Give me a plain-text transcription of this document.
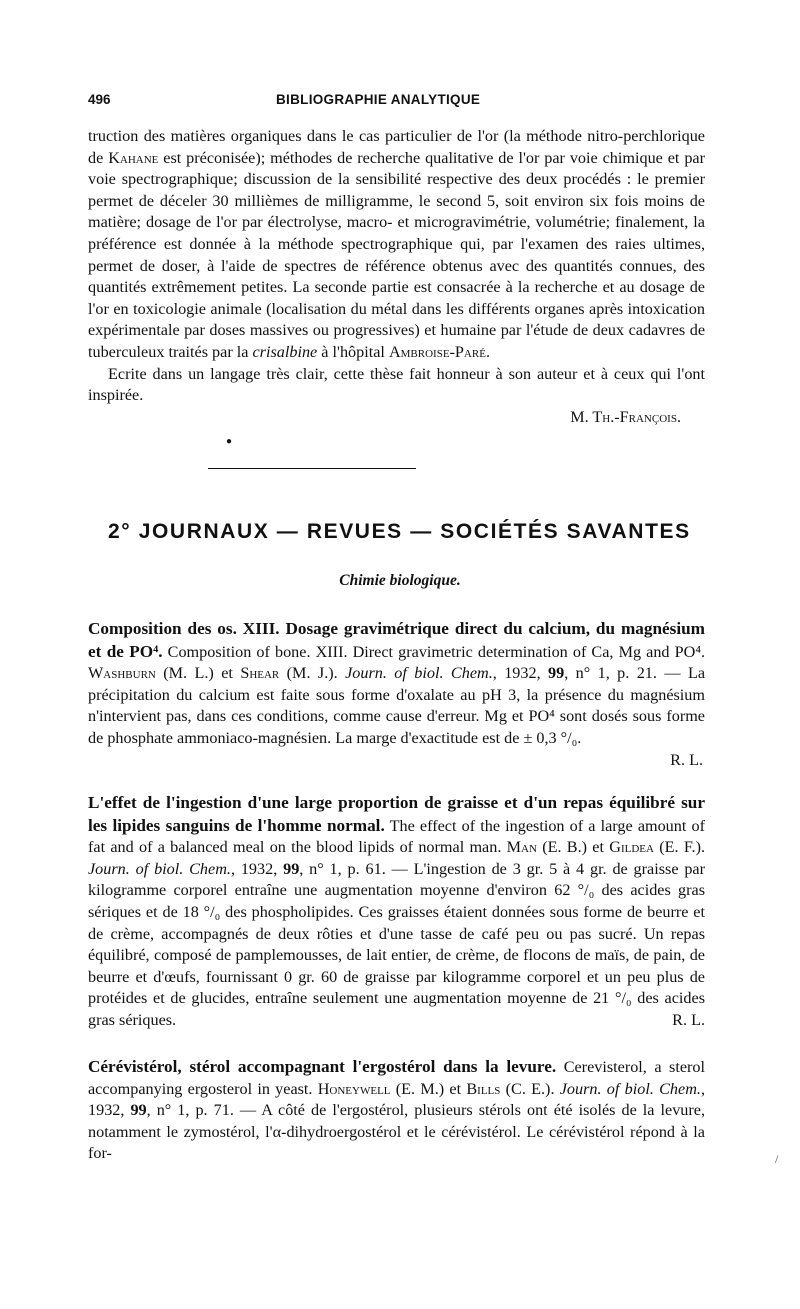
496	BIBLIOGRAPHIE ANALYTIQUE

truction des matières organiques dans le cas particulier de l'or (la méthode nitro-perchlorique de Kahane est préconisée); méthodes de recherche qualitative de l'or par voie chimique et par voie spectrographique; discussion de la sensibilité respective des deux procédés : le premier permet de déceler 30 millièmes de milligramme, le second 5, soit environ six fois moins de matière; dosage de l'or par électrolyse, macro- et microgravimétrie, volumétrie; finalement, la préférence est donnée à la méthode spectrographique qui, par l'examen des raies ultimes, permet de doser, à l'aide de spectres de référence obtenus avec des quantités connues, des quantités extrêmement petites. La seconde partie est consacrée à la recherche et au dosage de l'or en toxicologie animale (localisation du métal dans les différents organes après intoxication expérimentale par doses massives ou progressives) et humaine par l'étude de deux cadavres de tuberculeux traités par la crisalbine à l'hôpital Ambroise-Paré.

Ecrite dans un langage très clair, cette thèse fait honneur à son auteur et à ceux qui l'ont inspirée.

M. Th.-François.
●
2° JOURNAUX — REVUES — SOCIÉTÉS SAVANTES
Chimie biologique.

Composition des os. XIII. Dosage gravimétrique direct du calcium, du magnésium et de PO⁴. Composition of bone. XIII. Direct gravimetric determination of Ca, Mg and PO⁴. Washburn (M. L.) et Shear (M. J.). Journ. of biol. Chem., 1932, 99, n° 1, p. 21. — La précipitation du calcium est faite sous forme d'oxalate au pH 3, la présence du magnésium n'intervient pas, dans ces conditions, comme cause d'erreur. Mg et PO⁴ sont dosés sous forme de phosphate ammoniaco-magnésien. La marge d'exactitude est de ± 0,3 °/₀.

R. L.

L'effet de l'ingestion d'une large proportion de graisse et d'un repas équilibré sur les lipides sanguins de l'homme normal. The effect of the ingestion of a large amount of fat and of a balanced meal on the blood lipids of normal man. Man (E. B.) et Gildea (E. F.). Journ. of biol. Chem., 1932, 99, n° 1, p. 61. — L'ingestion de 3 gr. 5 à 4 gr. de graisse par kilogramme corporel entraîne une augmentation moyenne d'environ 62 °/₀ des acides gras sériques et de 18 °/₀ des phospholipides. Ces graisses étaient données sous forme de beurre et de crème, accompagnés de deux rôties et d'une tasse de café peu ou pas sucré. Un repas équilibré, composé de pamplemousses, de lait entier, de crème, de flocons de maïs, de pain, de beurre et d'œufs, fournissant 0 gr. 60 de graisse par kilogramme corporel et un peu plus de protéides et de glucides, entraîne seulement une augmentation moyenne de 21 °/₀ des acides gras sériques.	R. L.

Cérévistérol, stérol accompagnant l'ergostérol dans la levure. Cerevisterol, a sterol accompanying ergosterol in yeast. Honeywell (E. M.) et Bills (C. E.). Journ. of biol. Chem., 1932, 99, n° 1, p. 71. — A côté de l'ergostérol, plusieurs stérols ont été isolés de la levure, notamment le zymostérol, l'α-dihydroergostérol et le cérévistérol. Le cérévistérol répond à la for-	/
